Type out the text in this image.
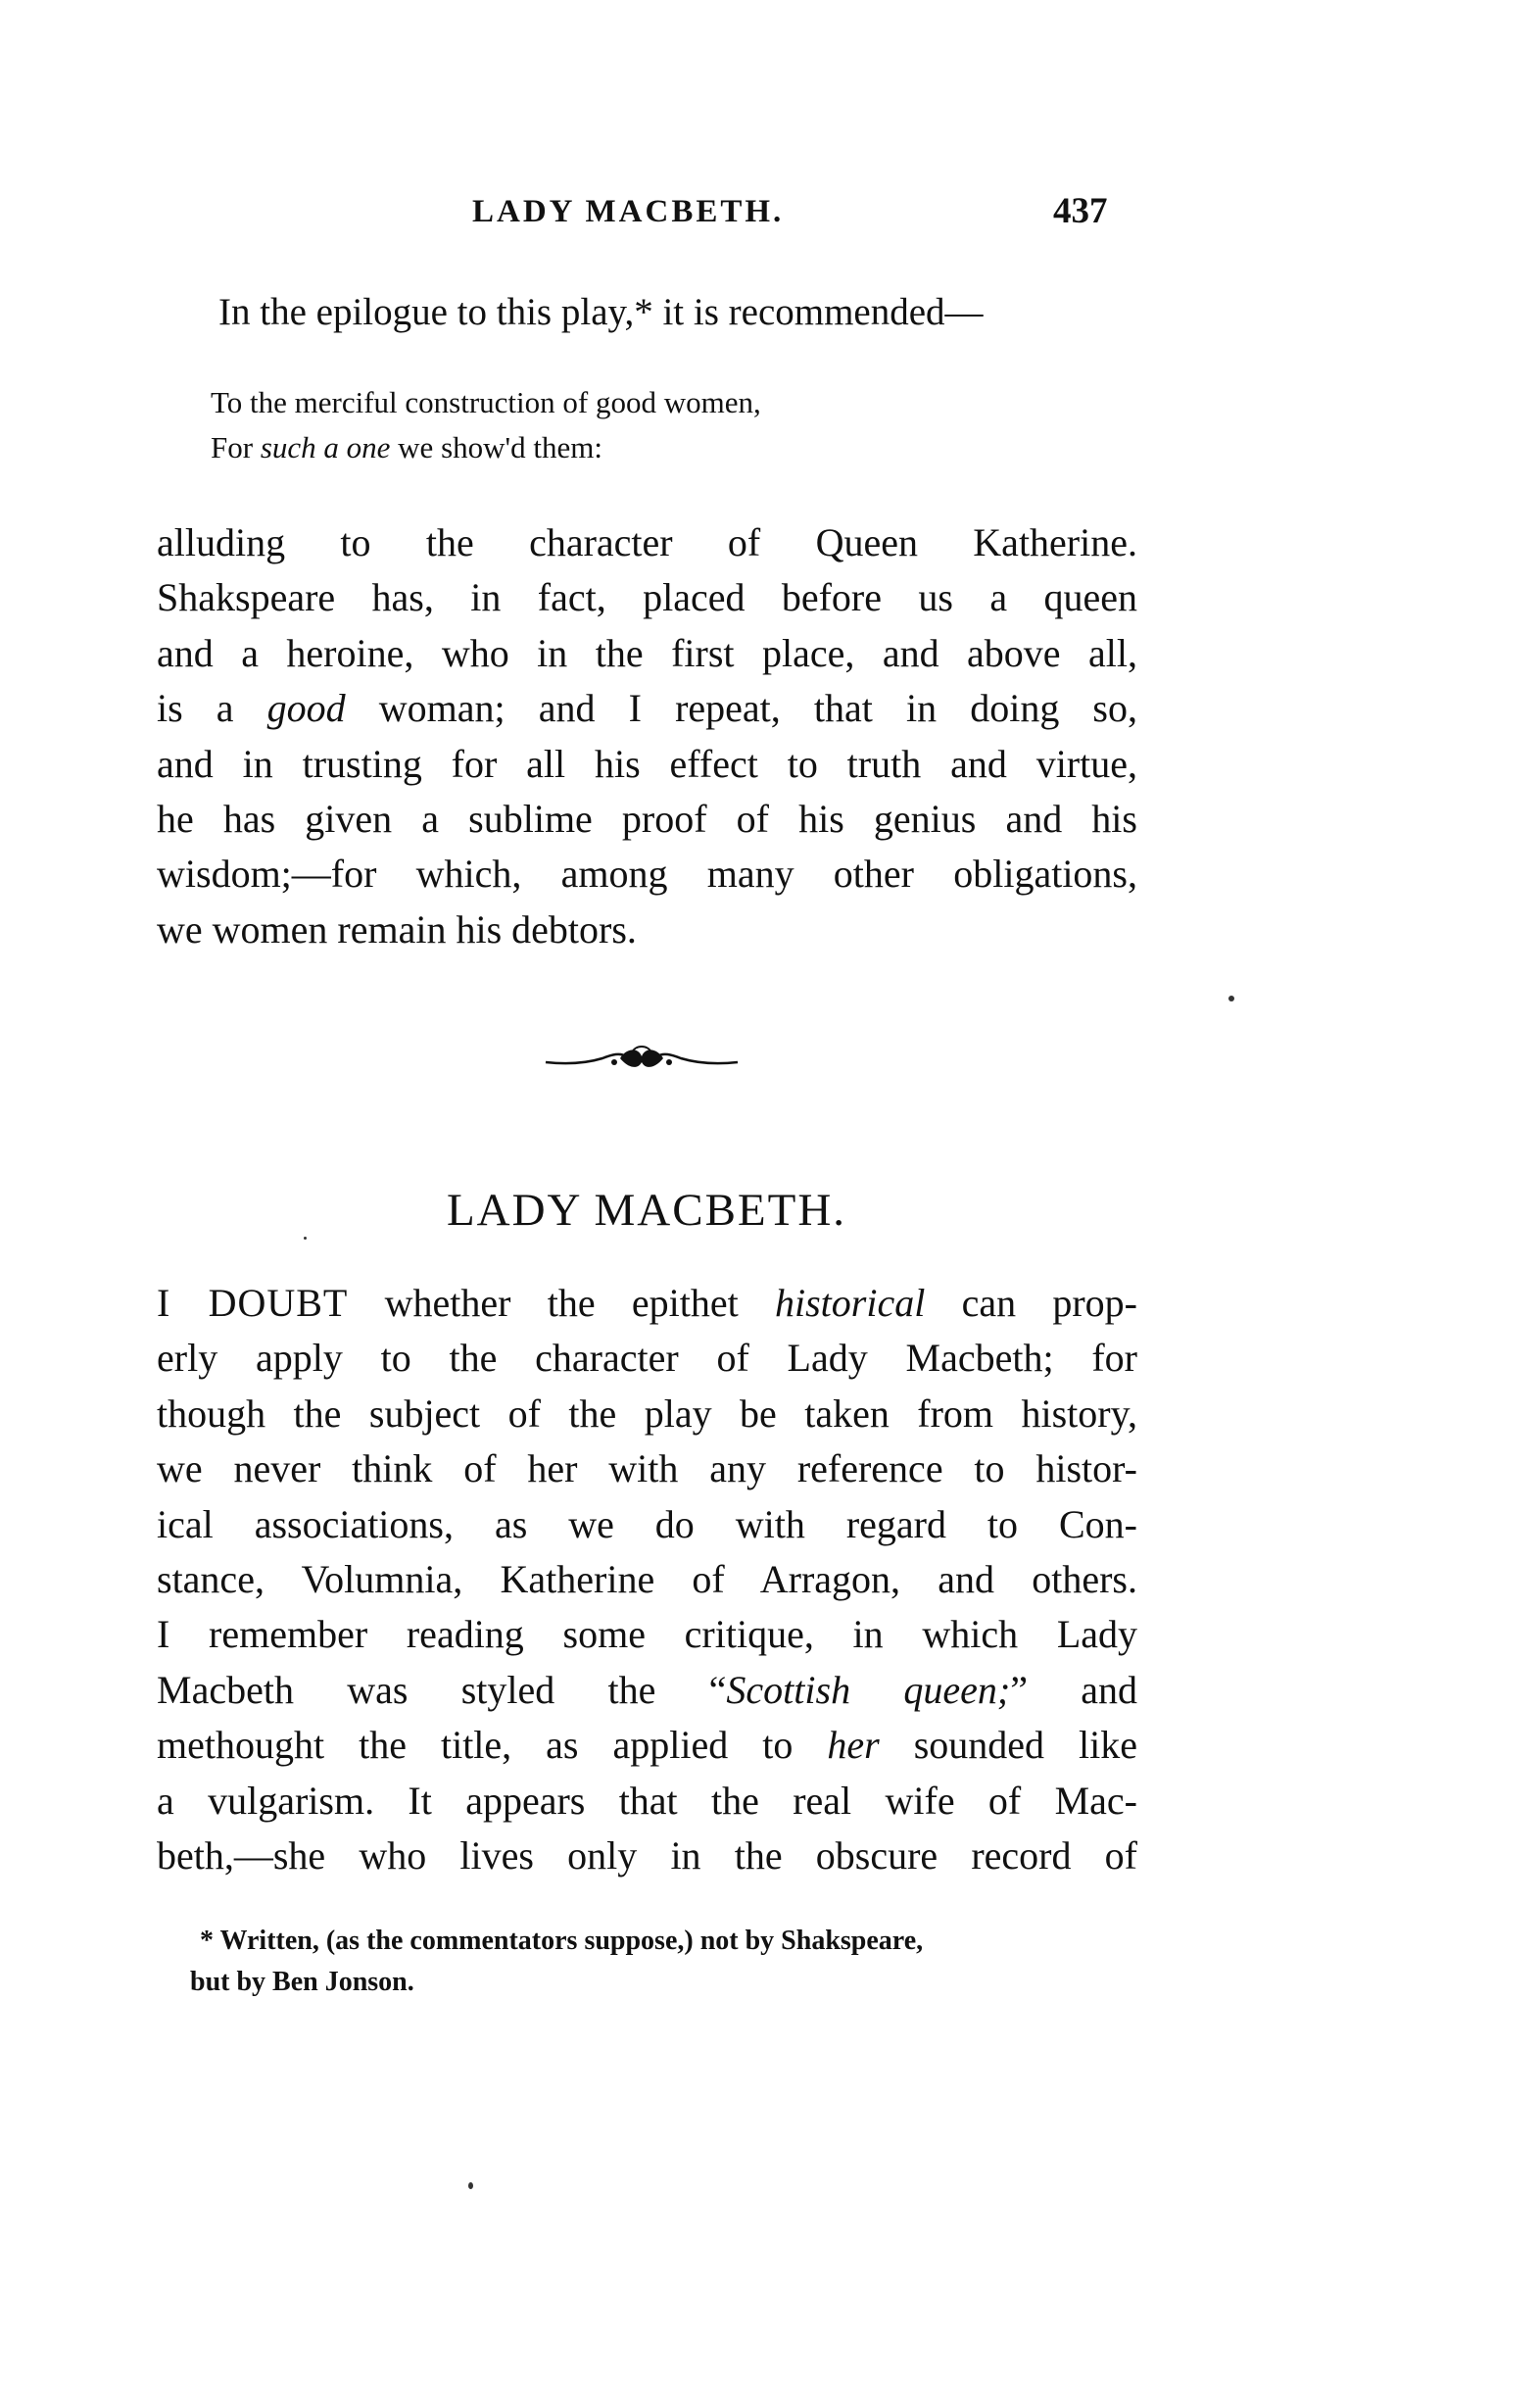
LADY MACBETH.	437
In the epilogue to this play,* it is recommended—
To the merciful construction of good women,
For such a one we show'd them:
alluding to the character of Queen Katherine.
Shakspeare has, in fact, placed before us a queen
and a heroine, who in the first place, and above all,
is a good woman; and I repeat, that in doing so,
and in trusting for all his effect to truth and virtue,
he has given a sublime proof of his genius and his
wisdom;—for which, among many other obligations,
we women remain his debtors.
LADY MACBETH.
I DOUBT whether the epithet historical can prop-
erly apply to the character of Lady Macbeth; for
though the subject of the play be taken from history,
we never think of her with any reference to histor-
ical associations, as we do with regard to Con-
stance, Volumnia, Katherine of Arragon, and others.
I remember reading some critique, in which Lady
Macbeth was styled the “Scottish queen;” and
methought the title, as applied to her sounded like
a vulgarism. It appears that the real wife of Mac-
beth,—she who lives only in the obscure record of
* Written, (as the commentators suppose,) not by Shakspeare,
but by Ben Jonson.
